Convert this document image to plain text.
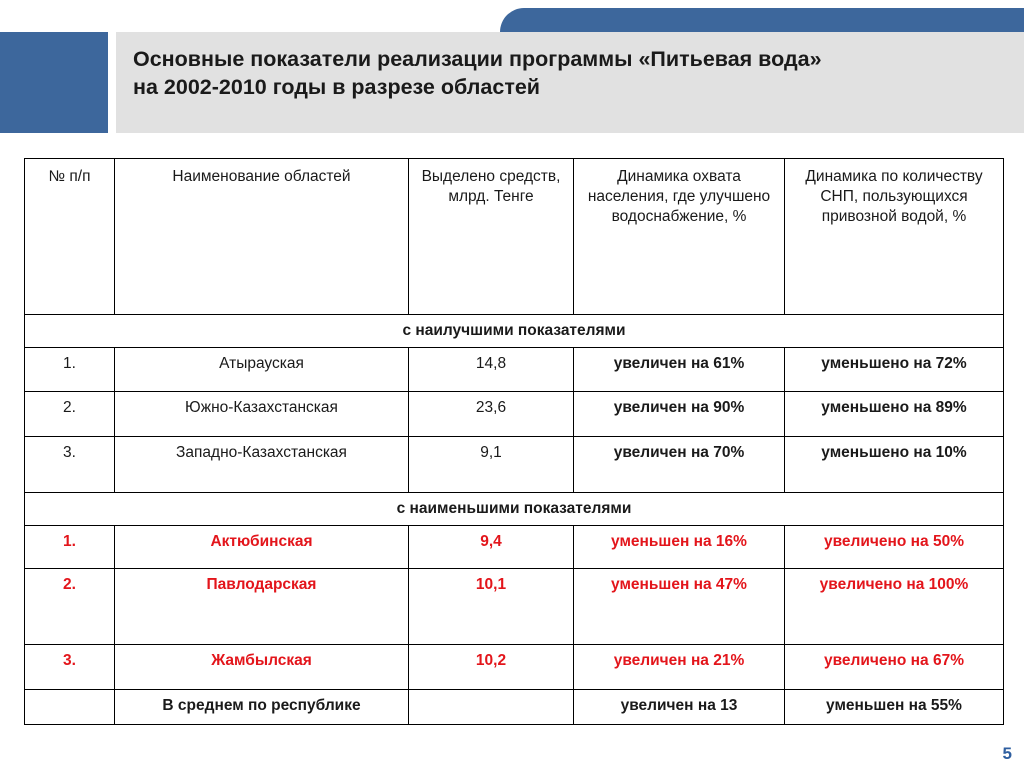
Основные показатели реализации программы «Питьевая вода»
на 2002-2010 годы в разрезе областей
№ п/п	Наименование областей	Выделено средств, млрд. Тенге	Динамика охвата населения, где улучшено водоснабжение, %	Динамика по количеству СНП, пользующихся привозной водой, %
с наилучшими показателями				
1.	Атырауская	14,8	увеличен на 61%	уменьшено на 72%
2.	Южно-Казахстанская	23,6	увеличен на 90%	уменьшено на 89%
3.	Западно-Казахстанская	9,1	увеличен на 70%	уменьшено на 10%
с наименьшими показателями				
1.	Актюбинская	9,4	уменьшен на 16%	увеличено на 50%
2.	Павлодарская	10,1	уменьшен на 47%	увеличено на 100%
3.	Жамбылская	10,2	увеличен на 21%	увеличено на 67%
	В среднем по республике		увеличен на 13	уменьшен на 55%
5
